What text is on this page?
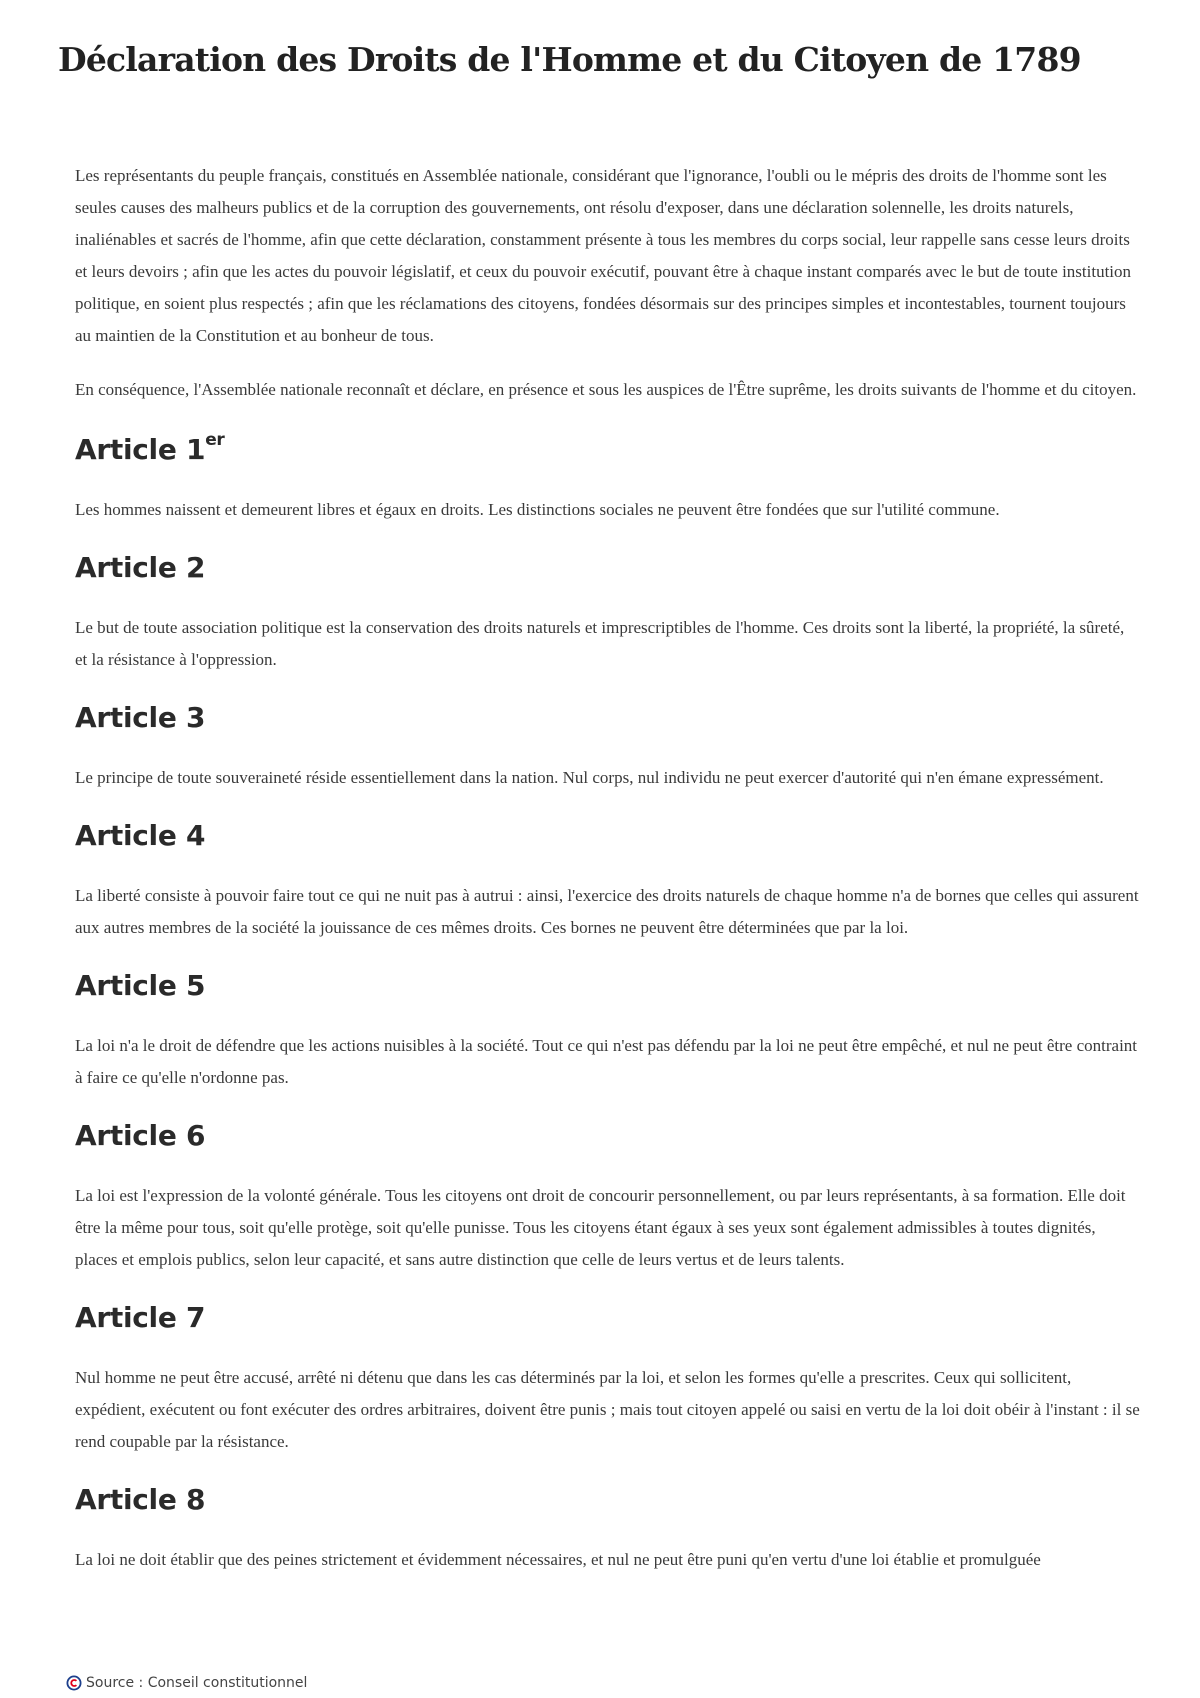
Déclaration des Droits de l'Homme et du Citoyen de 1789

Les représentants du peuple français, constitués en Assemblée nationale, considérant que l'ignorance, l'oubli ou le mépris des droits de l'homme sont les seules causes des malheurs publics et de la corruption des gouvernements, ont résolu d'exposer, dans une déclaration solennelle, les droits naturels, inaliénables et sacrés de l'homme, afin que cette déclaration, constamment présente à tous les membres du corps social, leur rappelle sans cesse leurs droits et leurs devoirs ; afin que les actes du pouvoir législatif, et ceux du pouvoir exécutif, pouvant être à chaque instant comparés avec le but de toute institution politique, en soient plus respectés ; afin que les réclamations des citoyens, fondées désormais sur des principes simples et incontestables, tournent toujours au maintien de la Constitution et au bonheur de tous.

En conséquence, l'Assemblée nationale reconnaît et déclare, en présence et sous les auspices de l'Être suprême, les droits suivants de l'homme et du citoyen.

Article 1er

Les hommes naissent et demeurent libres et égaux en droits. Les distinctions sociales ne peuvent être fondées que sur l'utilité commune.

Article 2

Le but de toute association politique est la conservation des droits naturels et imprescriptibles de l'homme. Ces droits sont la liberté, la propriété, la sûreté, et la résistance à l'oppression.

Article 3

Le principe de toute souveraineté réside essentiellement dans la nation. Nul corps, nul individu ne peut exercer d'autorité qui n'en émane expressément.

Article 4

La liberté consiste à pouvoir faire tout ce qui ne nuit pas à autrui : ainsi, l'exercice des droits naturels de chaque homme n'a de bornes que celles qui assurent aux autres membres de la société la jouissance de ces mêmes droits. Ces bornes ne peuvent être déterminées que par la loi.

Article 5

La loi n'a le droit de défendre que les actions nuisibles à la société. Tout ce qui n'est pas défendu par la loi ne peut être empêché, et nul ne peut être contraint à faire ce qu'elle n'ordonne pas.

Article 6

La loi est l'expression de la volonté générale. Tous les citoyens ont droit de concourir personnellement, ou par leurs représentants, à sa formation. Elle doit être la même pour tous, soit qu'elle protège, soit qu'elle punisse. Tous les citoyens étant égaux à ses yeux sont également admissibles à toutes dignités, places et emplois publics, selon leur capacité, et sans autre distinction que celle de leurs vertus et de leurs talents.

Article 7

Nul homme ne peut être accusé, arrêté ni détenu que dans les cas déterminés par la loi, et selon les formes qu'elle a prescrites. Ceux qui sollicitent, expédient, exécutent ou font exécuter des ordres arbitraires, doivent être punis ; mais tout citoyen appelé ou saisi en vertu de la loi doit obéir à l'instant : il se rend coupable par la résistance.

Article 8

La loi ne doit établir que des peines strictement et évidemment nécessaires, et nul ne peut être puni qu'en vertu d'une loi établie et promulguée

Source : Conseil constitutionnel
